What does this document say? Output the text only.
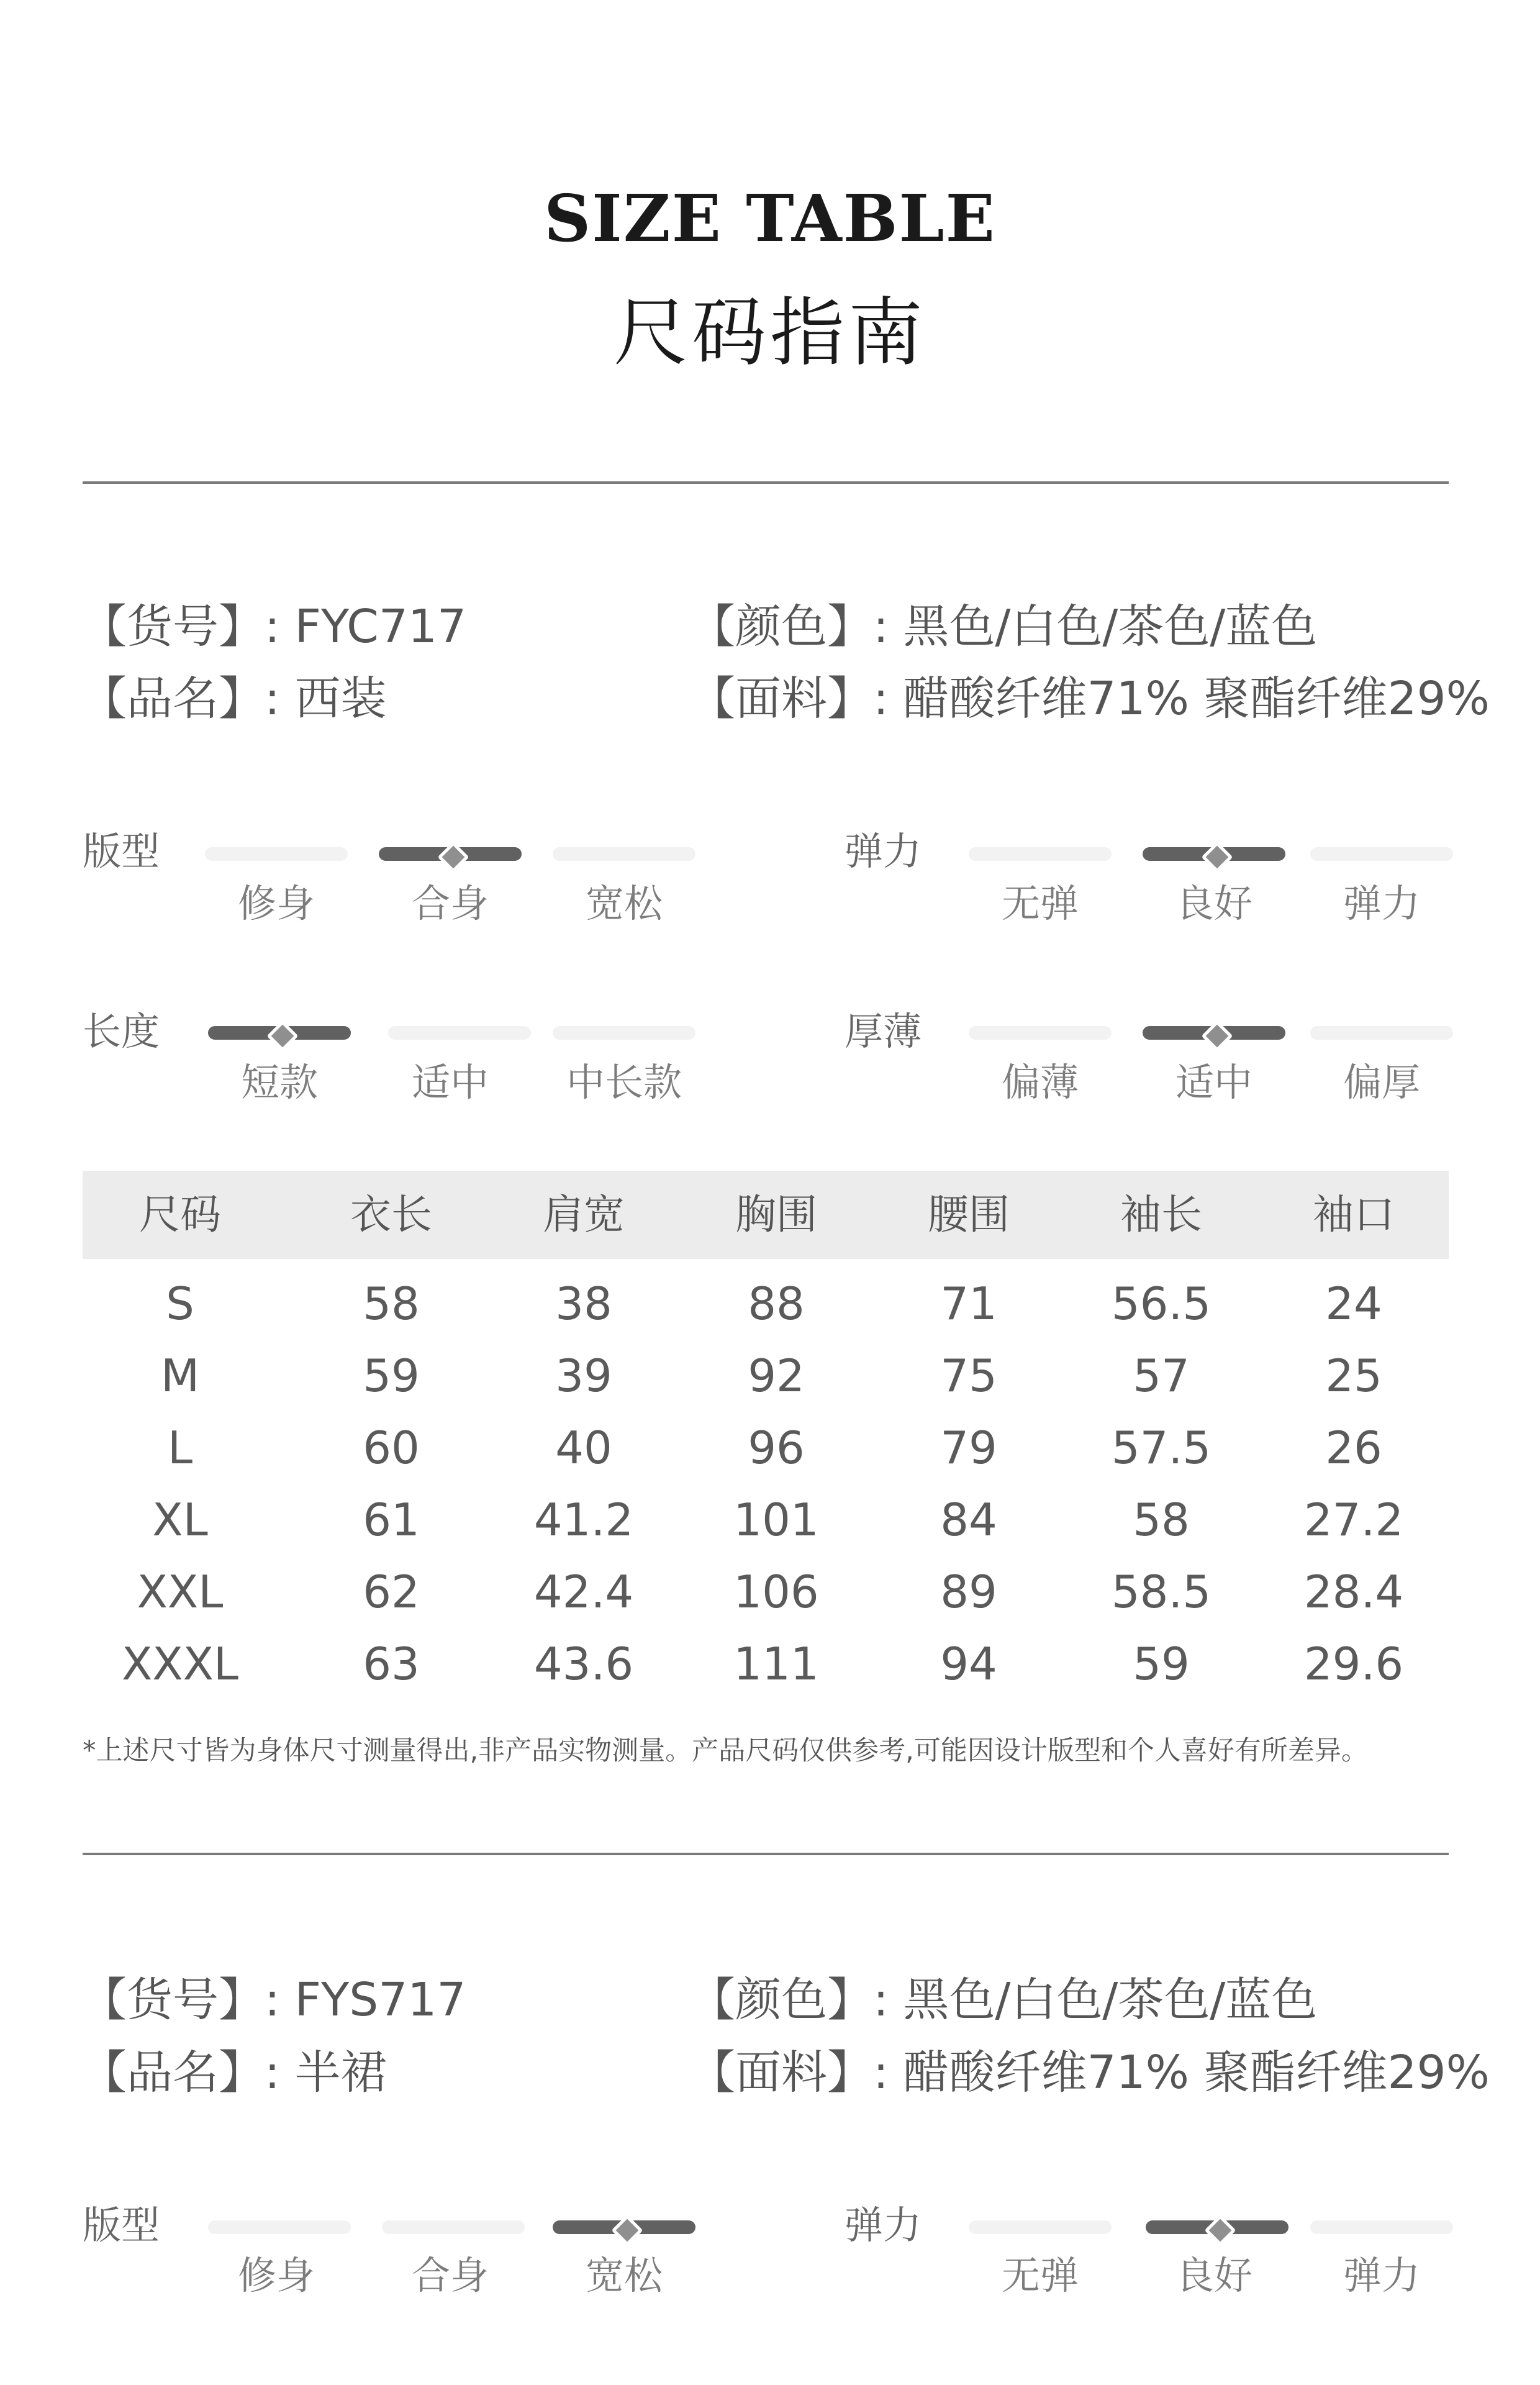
SIZE TABLE
尺码指南
【货号】: FYC717
【品名】: 西装
【颜色】: 黑色/白色/茶色/蓝色
【面料】: 醋酸纤维71% 聚酯纤维29%
版型
修身	合身	宽松
弹力
无弹	良好	弹力
长度
短款	适中	中长款
厚薄
偏薄	适中	偏厚
尺码	衣长	肩宽	胸围	腰围	袖长	袖口
S	58	38	88	71	56.5	24
M	59	39	92	75	57	25
L	60	40	96	79	57.5	26
XL	61	41.2	101	84	58	27.2
XXL	62	42.4	106	89	58.5	28.4
XXXL	63	43.6	111	94	59	29.6
*上述尺寸皆为身体尺寸测量得出,非产品实物测量。产品尺码仅供参考,可能因设计版型和个人喜好有所差异。
【货号】: FYS717
【品名】: 半裙
【颜色】: 黑色/白色/茶色/蓝色
【面料】: 醋酸纤维71% 聚酯纤维29%
版型
修身	合身	宽松
弹力
无弹	良好	弹力
